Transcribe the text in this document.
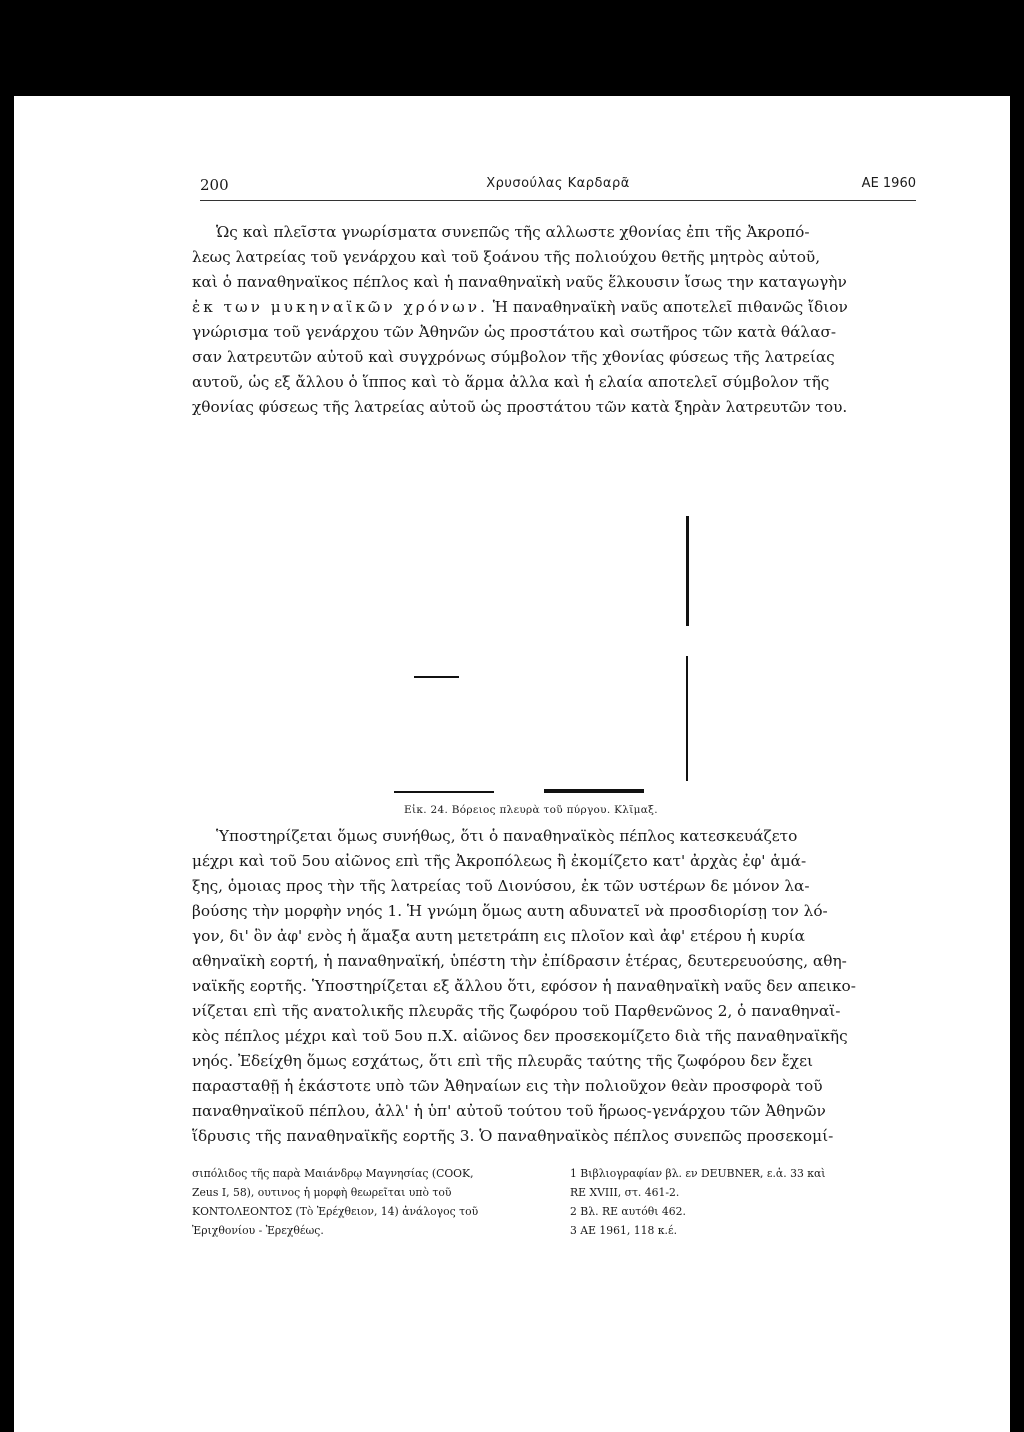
200	Χρυσούλας Καρδαρᾶ	ΑΕ 1960
Ὡς καὶ πλεῖστα γνωρίσματα συνεπῶς τῆς αλλωστε χθονίας ἐπι τῆς Ἀκροπό-
λεως λατρείας τοῦ γενάρχου καὶ τοῦ ξοάνου τῆς πολιούχου θετῆς μητρὸς αὐτοῦ,
καὶ ὁ παναθηναϊκος πέπλος καὶ ἡ παναθηναϊκὴ ναῦς ἕλκουσιν ἴσως την καταγωγὴν
ἐκ των μυκηναϊκῶν χρόνων. Ἡ παναθηναϊκὴ ναῦς αποτελεῖ πιθανῶς ἴδιον
γνώρισμα τοῦ γενάρχου τῶν Ἀθηνῶν ὡς προστάτου καὶ σωτῆρος τῶν κατὰ θάλασ-
σαν λατρευτῶν αὐτοῦ καὶ συγχρόνως σύμβολον τῆς χθονίας φύσεως τῆς λατρείας
αυτοῦ, ὡς εξ ἄλλου ὁ ἵππος καὶ τὸ ἅρμα ἀλλα καὶ ἡ ελαία αποτελεῖ σύμβολον τῆς
χθονίας φύσεως τῆς λατρείας αὐτοῦ ὡς προστάτου τῶν κατὰ ξηρὰν λατρευτῶν του.
Εἰκ. 24. Βόρειος πλευρὰ τοῦ πύργου. Κλῖμαξ.
Ὑποστηρίζεται ὅμως συνήθως, ὅτι ὁ παναθηναϊκὸς πέπλος κατεσκευάζετο
μέχρι καὶ τοῦ 5ου αἰῶνος επὶ τῆς Ἀκροπόλεως ἢ ἐκομίζετο κατ' ἀρχὰς ἐφ' ἁμά-
ξης, ὁμοιας προς τὴν τῆς λατρείας τοῦ Διονύσου, ἐκ τῶν υστέρων δε μόνον λα-
βούσης τὴν μορφὴν νηός 1. Ἡ γνώμη ὅμως αυτη αδυνατεῖ νὰ προσδιορίσῃ τον λό-
γον, δι' ὃν ἀφ' ενὸς ἡ ἅμαξα αυτη μετετράπη εις πλοῖον καὶ ἀφ' ετέρου ἡ κυρία
αθηναϊκὴ εορτή, ἡ παναθηναϊκή, ὑπέστη τὴν ἐπίδρασιν ἑτέρας, δευτερευούσης, αθη-
ναϊκῆς εορτῆς. Ὑποστηρίζεται εξ ἄλλου ὅτι, εφόσον ἡ παναθηναϊκὴ ναῦς δεν απεικο-
νίζεται επὶ τῆς ανατολικῆς πλευρᾶς τῆς ζωφόρου τοῦ Παρθενῶνος 2, ὁ παναθηναϊ-
κὸς πέπλος μέχρι καὶ τοῦ 5ου π.Χ. αἰῶνος δεν προσεκομίζετο διὰ τῆς παναθηναϊκῆς
νηός. Ἐδείχθη ὅμως εσχάτως, ὅτι επὶ τῆς πλευρᾶς ταύτης τῆς ζωφόρου δεν ἔχει
παρασταθῇ ἡ ἑκάστοτε υπὸ τῶν Ἀθηναίων εις τὴν πολιοῦχον θεὰν προσφορὰ τοῦ
παναθηναϊκοῦ πέπλου, ἀλλ' ἡ ὑπ' αὐτοῦ τούτου τοῦ ἥρωος-γενάρχου τῶν Ἀθηνῶν
ἵδρυσις τῆς παναθηναϊκῆς εορτῆς 3. Ὁ παναθηναϊκὸς πέπλος συνεπῶς προσεκομί-
σιπόλιδος τῆς παρὰ Μαιάνδρῳ Μαγνησίας (COOK,
Zeus I, 58), ουτινος ἡ μορφὴ θεωρεῖται υπὸ τοῦ
ΚΟΝΤΟΛΕΟΝΤΟΣ (Τὸ Ἐρέχθειον, 14) ἀνάλογος τοῦ
Ἐριχθονίου - Ἐρεχθέως.
1 Βιβλιογραφίαν βλ. εν DEUBNER, ε.ἁ. 33 καὶ
RE XVIII, στ. 461-2.
2 Βλ. RE αυτόθι 462.
3 ΑΕ 1961, 118 κ.έ.
